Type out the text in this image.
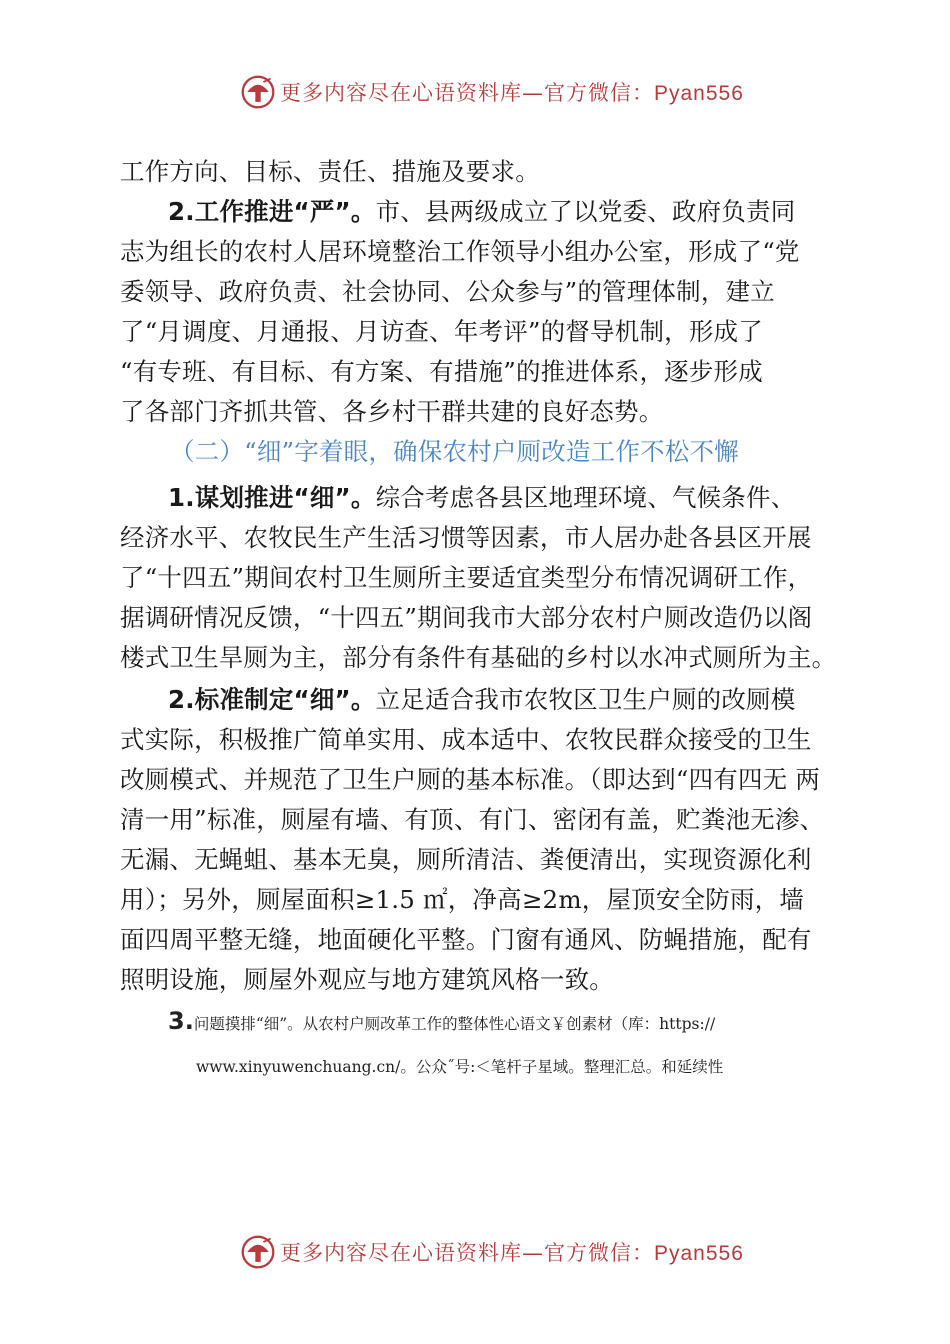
更多内容尽在心语资料库—官方微信：Pyan556
工作方向、目标、责任、措施及要求。
2.工作推进“严”。市、县两级成立了以党委、政府负责同
志为组长的农村人居环境整治工作领导小组办公室，形成了“党
委领导、政府负责、社会协同、公众参与”的管理体制，建立
了“月调度、月通报、月访查、年考评”的督导机制，形成了
“有专班、有目标、有方案、有措施”的推进体系，逐步形成
了各部门齐抓共管、各乡村干群共建的良好态势。
（二）“细”字着眼，确保农村户厕改造工作不松不懈
1.谋划推进“细”。综合考虑各县区地理环境、气候条件、
经济水平、农牧民生产生活习惯等因素，市人居办赴各县区开展
了“十四五”期间农村卫生厕所主要适宜类型分布情况调研工作，
据调研情况反馈，“十四五”期间我市大部分农村户厕改造仍以阁
楼式卫生旱厕为主，部分有条件有基础的乡村以水冲式厕所为主。
2.标准制定“细”。立足适合我市农牧区卫生户厕的改厕模
式实际，积极推广简单实用、成本适中、农牧民群众接受的卫生
改厕模式、并规范了卫生户厕的基本标准。（即达到“四有四无 两
清一用”标准，厕屋有墙、有顶、有门、密闭有盖，贮粪池无渗、
无漏、无蝇蛆、基本无臭，厕所清洁、粪便清出，实现资源化利
用）；另外，厕屋面积≥1.5 ㎡，净高≥2m，屋顶安全防雨，墙
面四周平整无缝，地面硬化平整。门窗有通风、防蝇措施，配有
照明设施，厕屋外观应与地方建筑风格一致。
3.问题摸排“细”。从农村户厕改革工作的整体性心语文￥创素材（库：https://
www.xinyuwenchuang.cn/。公众˝号:＜笔杆子星域。整理汇总。和延续性
更多内容尽在心语资料库—官方微信：Pyan556
